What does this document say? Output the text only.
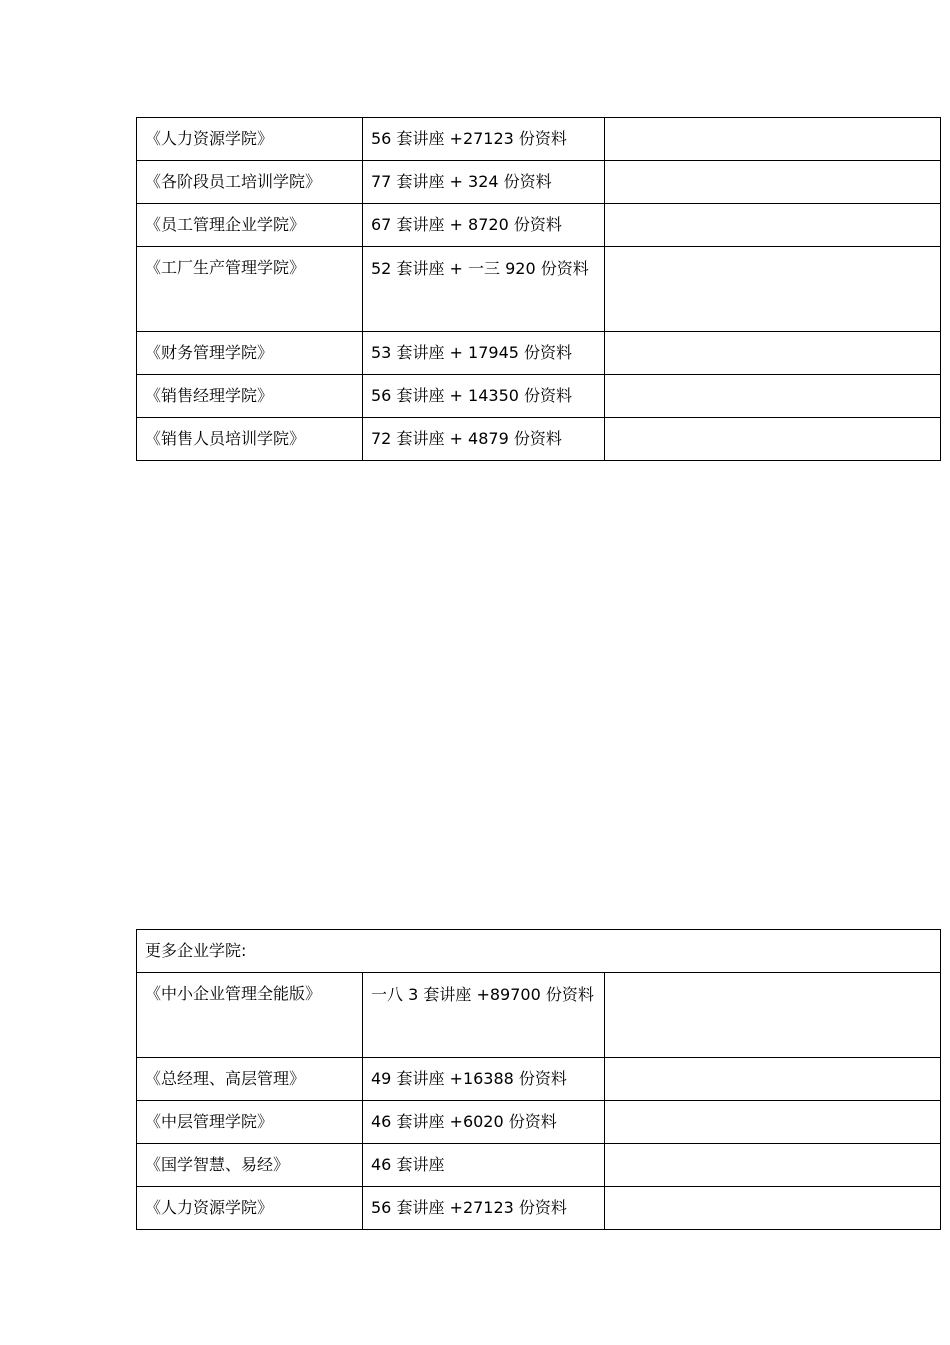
《人力资源学院》	56 套讲座 +27123 份资料	
《各阶段员工培训学院》	77 套讲座 + 324 份资料	
《员工管理企业学院》	67 套讲座 + 8720 份资料	
《工厂生产管理学院》	52 套讲座 + 一三 920 份资料	
《财务管理学院》	53 套讲座 + 17945 份资料	
《销售经理学院》	56 套讲座 + 14350 份资料	
《销售人员培训学院》	72 套讲座 + 4879 份资料	
更多企业学院:		
《中小企业管理全能版》	一八 3 套讲座 +89700 份资料	
《总经理、高层管理》	49 套讲座 +16388 份资料	
《中层管理学院》	46 套讲座 +6020 份资料	
《国学智慧、易经》	46 套讲座	
《人力资源学院》	56 套讲座 +27123 份资料	
